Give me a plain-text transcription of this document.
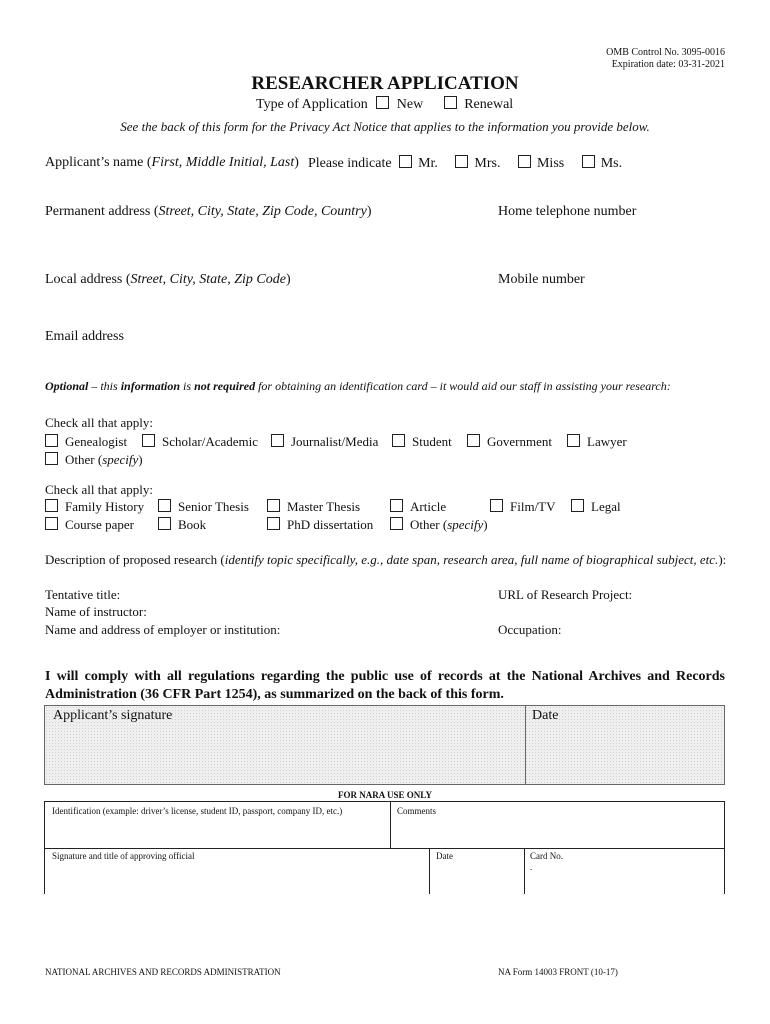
OMB Control No. 3095-0016
Expiration date: 03-31-2021
RESEARCHER APPLICATION
Type of Application New	Renewal
See the back of this form for the Privacy Act Notice that applies to the information you provide below.
Applicant’s name (First, Middle Initial, Last) Please indicate Mr.	Mrs.	Miss	Ms.
Permanent address (Street, City, State, Zip Code, Country)	Home telephone number
Local address (Street, City, State, Zip Code)	Mobile number
Email address
Optional – this information is not required for obtaining an identification card – it would aid our staff in assisting your research:
Check all that apply:
Genealogist	Scholar/Academic	Journalist/Media	Student	Government	Lawyer
Other (specify)
Check all that apply:
Family History	Senior Thesis	Master Thesis	Article	Film/TV	Legal
Course paper	Book	PhD dissertation	Other (specify)
Description of proposed research (identify topic specifically, e.g., date span, research area, full name of biographical subject, etc.):
Tentative title:
Name of instructor:
Name and address of employer or institution:
URL of Research Project:
Occupation:
I will comply with all regulations regarding the public use of records at the National Archives and Records
Administration (36 CFR Part 1254), as summarized on the back of this form.
Applicant’s signature	Date
FOR NARA USE ONLY
Identification (example: driver’s license, student ID, passport, company ID, etc.)	Comments
Signature and title of approving official	Date	Card No.
.
NATIONAL ARCHIVES AND RECORDS ADMINISTRATION	NA Form 14003 FRONT (10-17)
